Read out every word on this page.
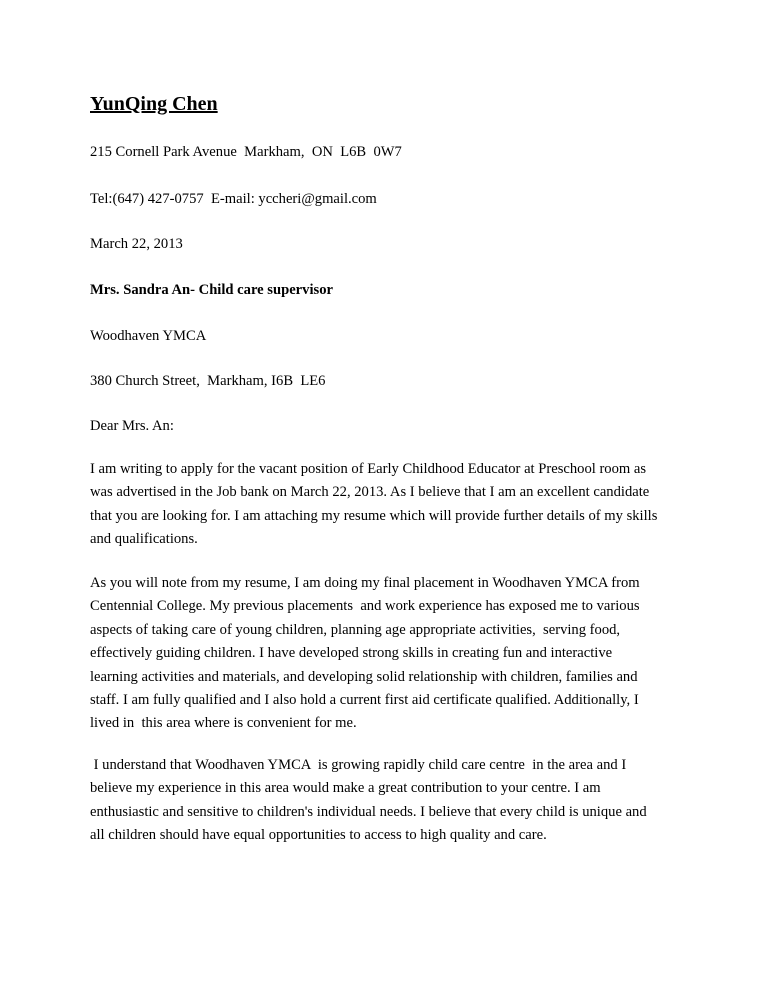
YunQing Chen
215 Cornell Park Avenue  Markham,  ON  L6B  0W7
Tel:(647) 427-0757  E-mail: yccheri@gmail.com
March 22, 2013
Mrs. Sandra An- Child care supervisor
Woodhaven YMCA
380 Church Street,  Markham, I6B  LE6
Dear Mrs. An:
I am writing to apply for the vacant position of Early Childhood Educator at Preschool room as
was advertised in the Job bank on March 22, 2013. As I believe that I am an excellent candidate
that you are looking for. I am attaching my resume which will provide further details of my skills
and qualifications.
As you will note from my resume, I am doing my final placement in Woodhaven YMCA from
Centennial College. My previous placements  and work experience has exposed me to various
aspects of taking care of young children, planning age appropriate activities,  serving food,
effectively guiding children. I have developed strong skills in creating fun and interactive
learning activities and materials, and developing solid relationship with children, families and
staff. I am fully qualified and I also hold a current first aid certificate qualified. Additionally, I
lived in  this area where is convenient for me.
I understand that Woodhaven YMCA  is growing rapidly child care centre  in the area and I
believe my experience in this area would make a great contribution to your centre. I am
enthusiastic and sensitive to children's individual needs. I believe that every child is unique and
all children should have equal opportunities to access to high quality and care.
